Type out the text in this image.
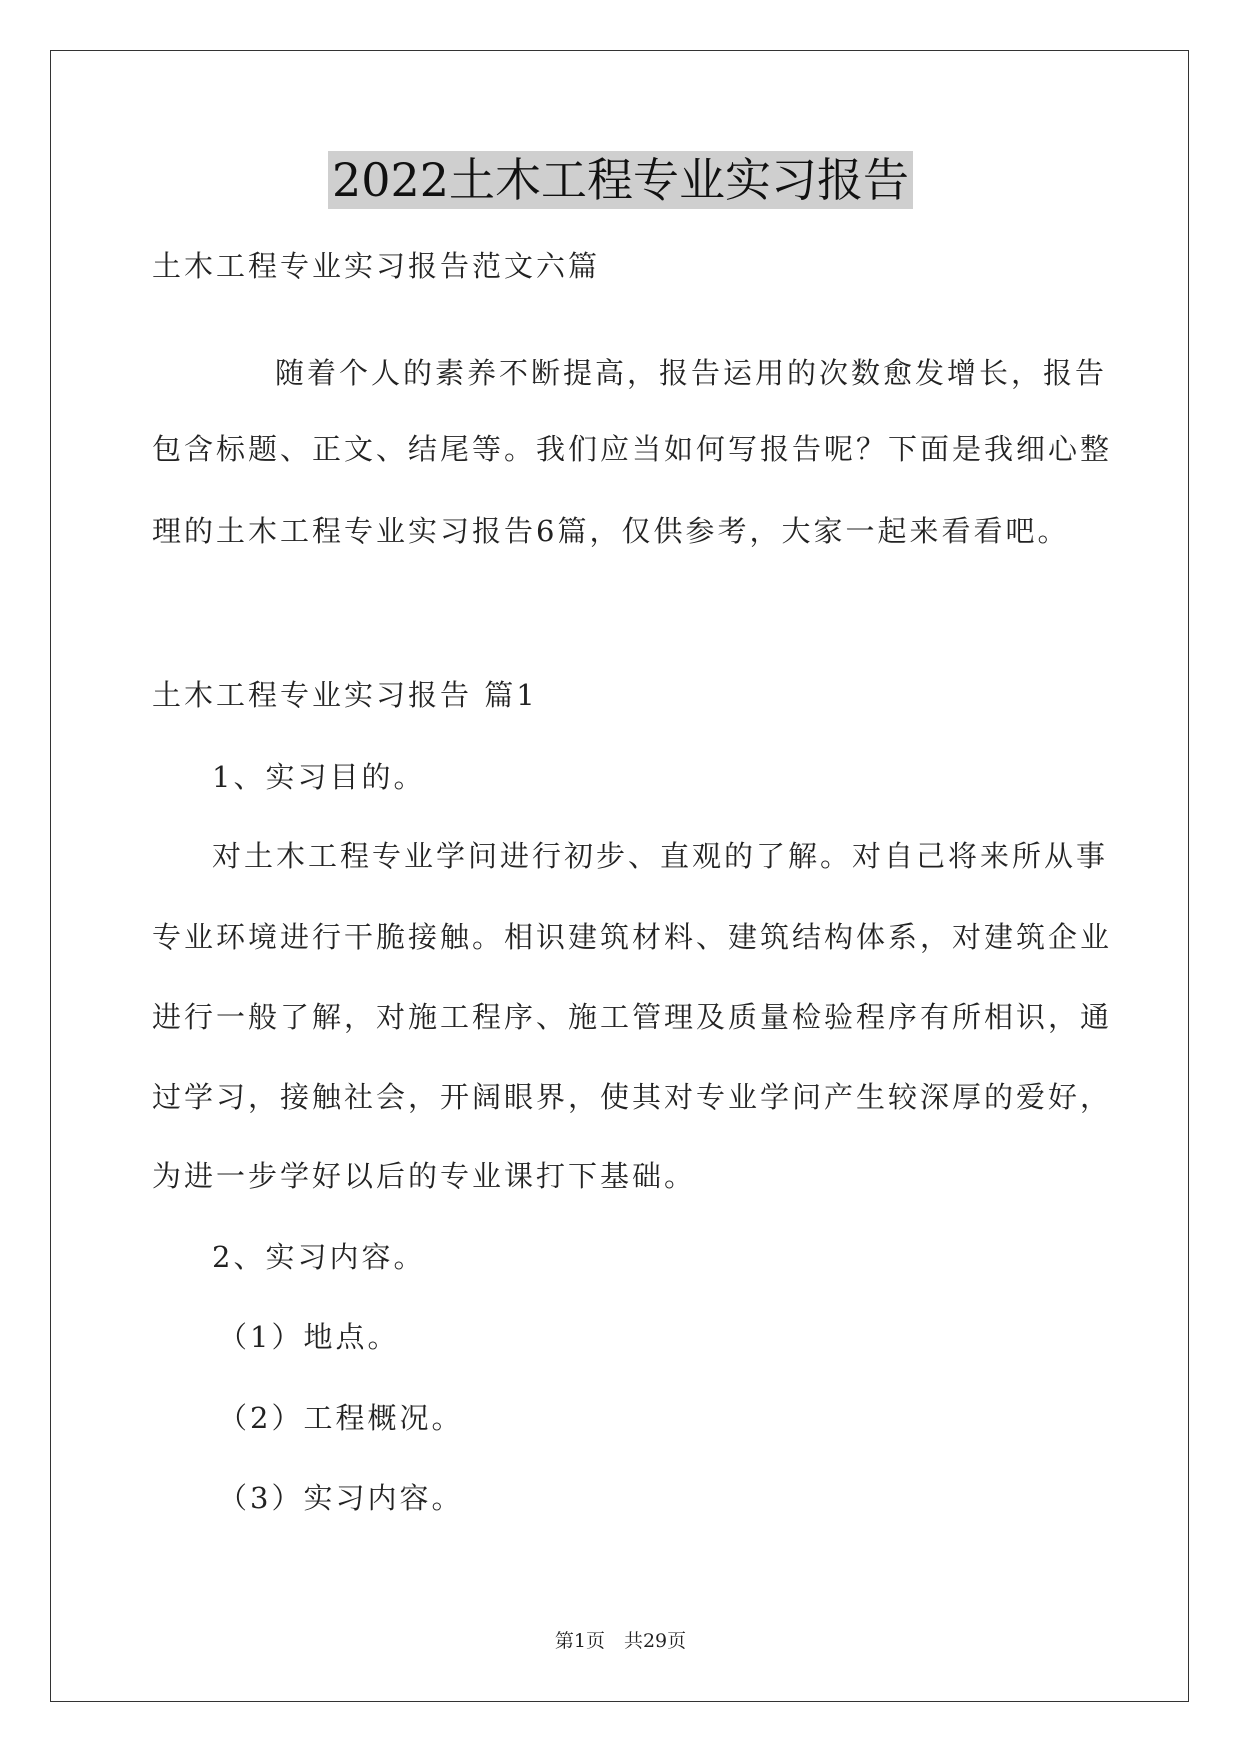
2022土木工程专业实习报告
土木工程专业实习报告范文六篇
随着个人的素养不断提高，报告运用的次数愈发增长，报告
包含标题、正文、结尾等。我们应当如何写报告呢？下面是我细心整
理的土木工程专业实习报告6篇，仅供参考，大家一起来看看吧。
土木工程专业实习报告 篇1
1、实习目的。
对土木工程专业学问进行初步、直观的了解。对自己将来所从事
专业环境进行干脆接触。相识建筑材料、建筑结构体系，对建筑企业
进行一般了解，对施工程序、施工管理及质量检验程序有所相识，通
过学习，接触社会，开阔眼界，使其对专业学问产生较深厚的爱好，
为进一步学好以后的专业课打下基础。
2、实习内容。
（1）地点。
（2）工程概况。
（3）实习内容。
第1页　共29页
